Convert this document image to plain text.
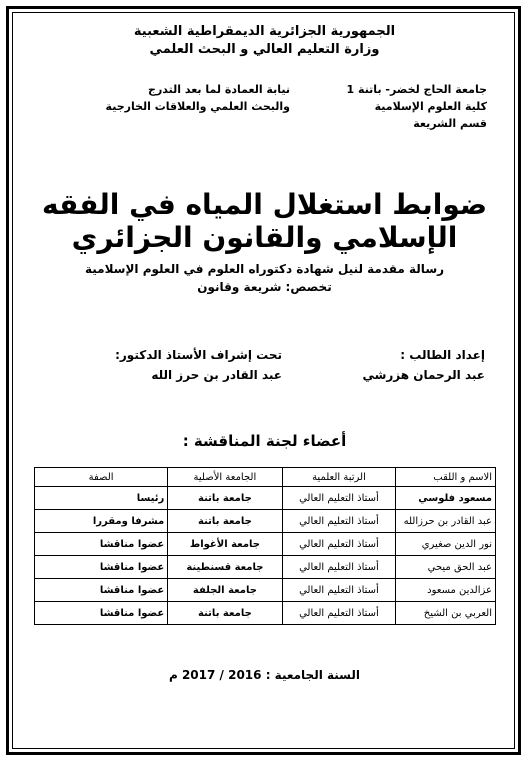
الجمهورية الجزائرية الديمقراطية الشعبية
وزارة التعليم العالي و البحث العلمي
جامعة الحاج لخضر- باتنة 1
كلية العلوم الإسلامية
قسم الشريعة
نيابة العمادة لما بعد التدرج
والبحث العلمي والعلاقات الخارجية
ضوابط استغلال المياه في الفقه الإسلامي والقانون الجزائري
رسالة مقدمة لنيل شهادة دكتوراه العلوم في العلوم الإسلامية
تخصص: شريعة وقانون
إعداد الطالب :
عبد الرحمان هزرشي
تحت إشراف الأستاذ الدكتور:
عبد القادر بن حرز الله
أعضاء لجنة المناقشة :
الاسم و اللقب	الرتبة العلمية	الجامعة الأصلية	الصفة
مسعود فلوسي	أستاذ التعليم العالي	جامعة باتنة	رئيسا
عبد القادر بن حرزالله	أستاذ التعليم العالي	جامعة باتنة	مشرفا ومقررا
نور الدين صغيري	أستاذ التعليم العالي	جامعة الأغواط	عضوا مناقشا
عبد الحق ميحي	أستاذ التعليم العالي	جامعة قسنطينة	عضوا مناقشا
عزالدين مسعود	أستاذ التعليم العالي	جامعة الجلفة	عضوا مناقشا
العربي بن الشيخ	أستاذ التعليم العالي	جامعة باتنة	عضوا مناقشا
السنة الجامعية : 2016 / 2017 م
